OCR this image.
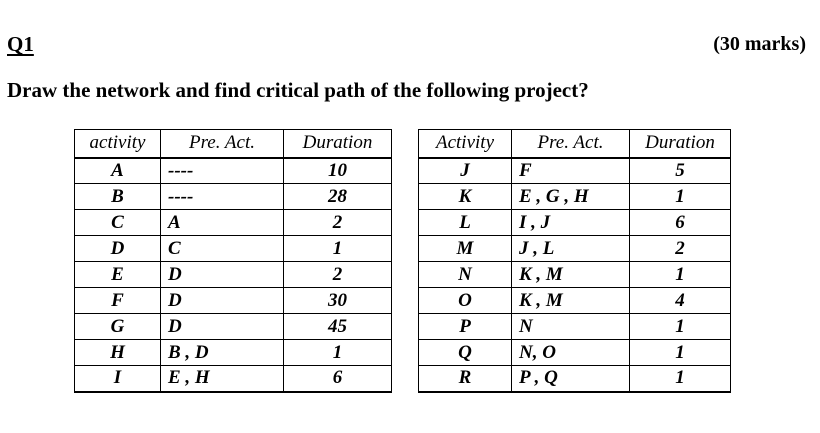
Q1	(30 marks)
Draw the network and find critical path of the following project?
activity	Pre. Act.	Duration
A	----	10
B	----	28
C	A	2
D	C	1
E	D	2
F	D	30
G	D	45
H	B , D	1
I	E , H	6
Activity	Pre. Act.	Duration
J	F	5
K	E , G , H	1
L	I , J	6
M	J , L	2
N	K , M	1
O	K , M	4
P	N	1
Q	N, O	1
R	P , Q	1
